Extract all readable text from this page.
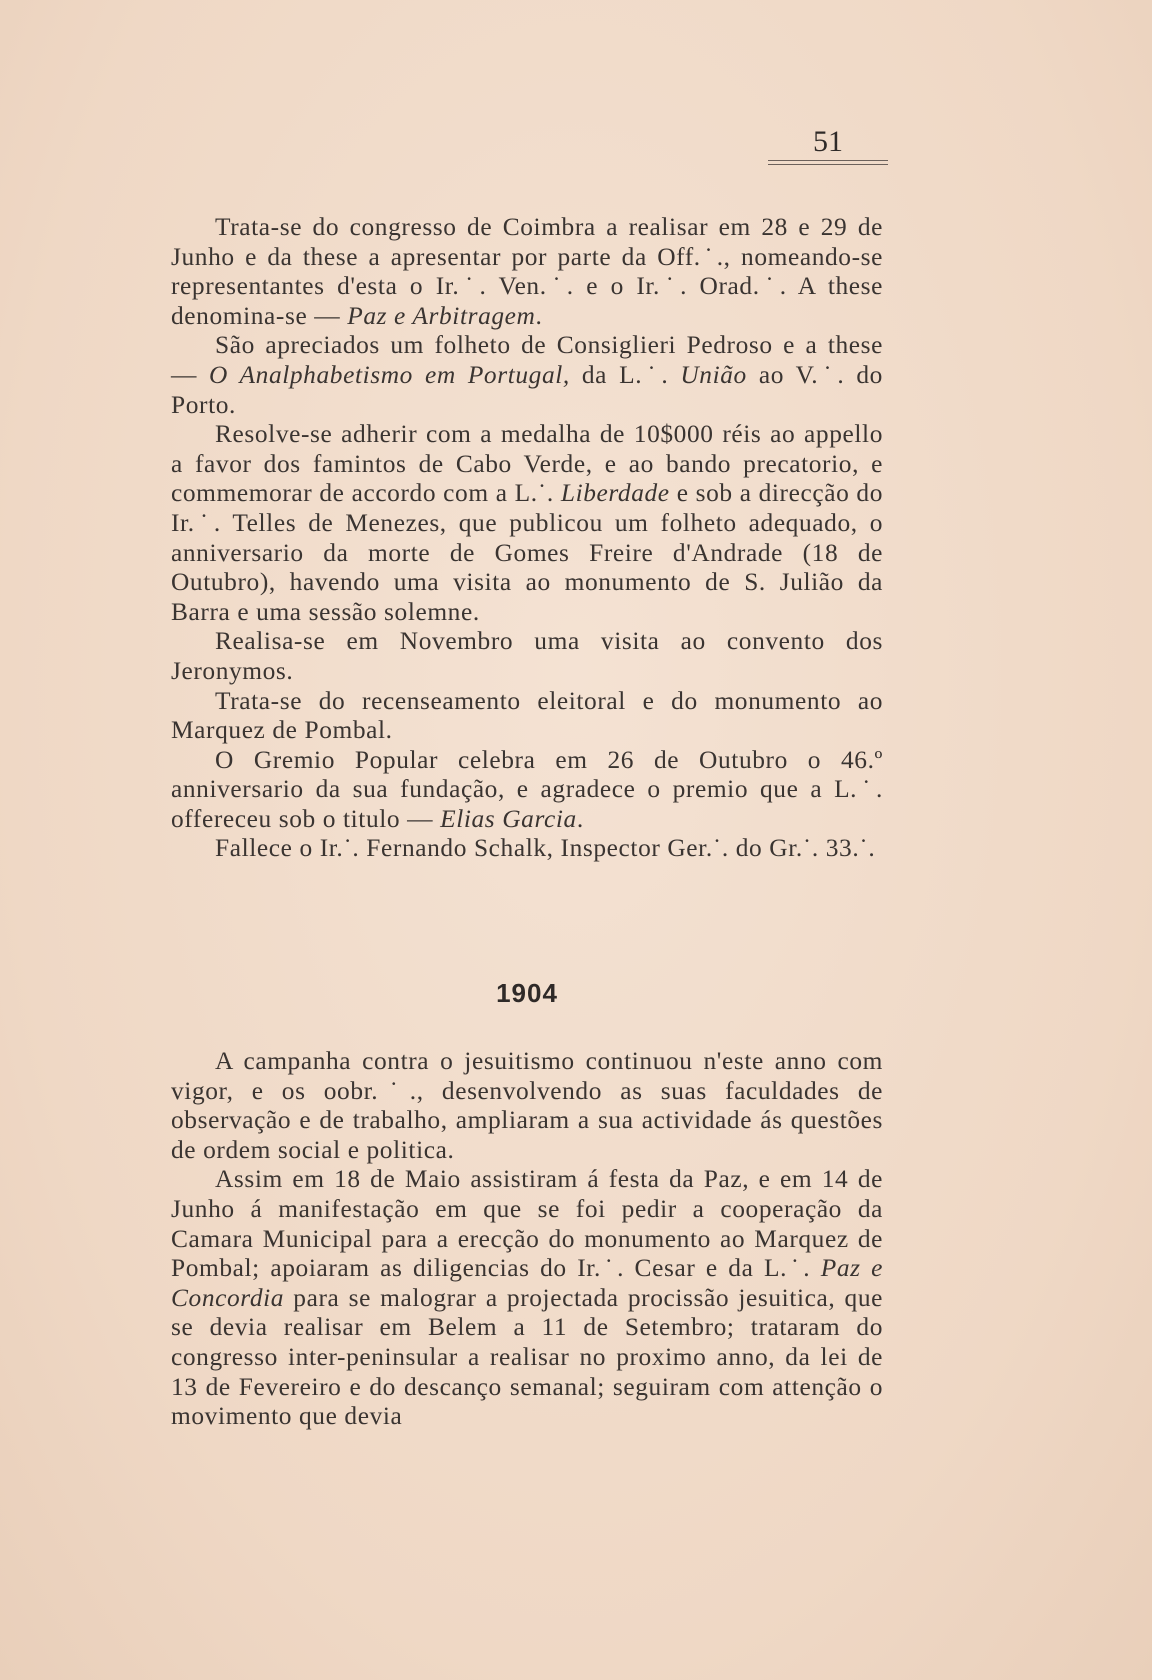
51

Trata-se do congresso de Coimbra a realisar em 28 e 29 de Junho e da these a apresentar por parte da Off.˙., nomeando-se representantes d'esta o Ir.˙. Ven.˙. e o Ir.˙. Orad.˙. A these denomina-se — Paz e Arbitragem.

São apreciados um folheto de Consiglieri Pedroso e a these — O Analphabetismo em Portugal, da L.˙. União ao V.˙. do Porto.

Resolve-se adherir com a medalha de 10$000 réis ao appello a favor dos famintos de Cabo Verde, e ao bando precatorio, e commemorar de accordo com a L.˙. Liberdade e sob a direcção do Ir.˙. Telles de Menezes, que publicou um folheto adequado, o anniversario da morte de Gomes Freire d'Andrade (18 de Outubro), havendo uma visita ao monumento de S. Julião da Barra e uma sessão solemne.

Realisa-se em Novembro uma visita ao convento dos Jeronymos.

Trata-se do recenseamento eleitoral e do monumento ao Marquez de Pombal.

O Gremio Popular celebra em 26 de Outubro o 46.º anniversario da sua fundação, e agradece o premio que a L.˙. offereceu sob o titulo — Elias Garcia.

Fallece o Ir.˙. Fernando Schalk, Inspector Ger.˙. do Gr.˙. 33.˙.

1904

A campanha contra o jesuitismo continuou n'este anno com vigor, e os oobr.˙., desenvolvendo as suas faculdades de observação e de trabalho, ampliaram a sua actividade ás questões de ordem social e politica.

Assim em 18 de Maio assistiram á festa da Paz, e em 14 de Junho á manifestação em que se foi pedir a cooperação da Camara Municipal para a erecção do monumento ao Marquez de Pombal; apoiaram as diligencias do Ir.˙. Cesar e da L.˙. Paz e Concordia para se malograr a projectada procissão jesuitica, que se devia realisar em Belem a 11 de Setembro; trataram do congresso inter-peninsular a realisar no proximo anno, da lei de 13 de Fevereiro e do descanço semanal; seguiram com attenção o movimento que devia
